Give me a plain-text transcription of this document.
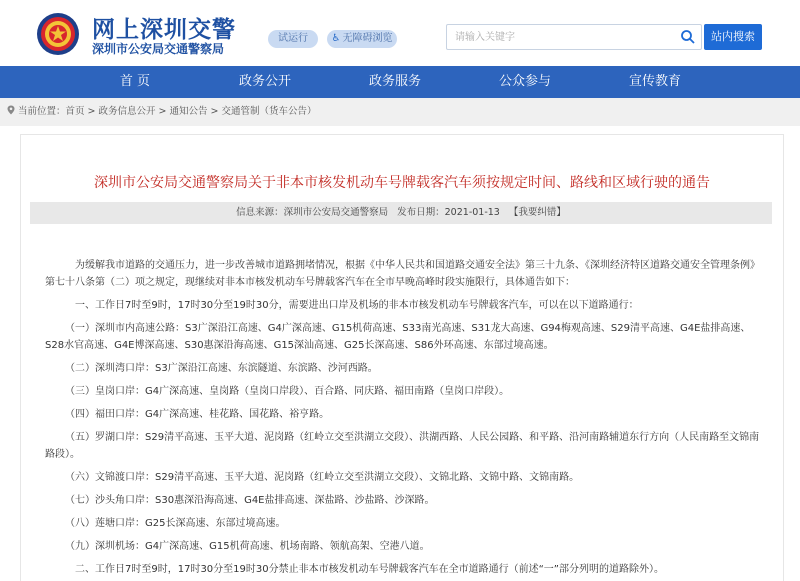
网上深圳交警
深圳市公安局交通警察局
试运行	♿ 无障碍浏览
请输入关键字	站内搜索
首 页	政务公开	政务服务	公众参与	宣传教育
当前位置：首页 > 政务信息公开 > 通知公告 > 交通管制（货车公告）
深圳市公安局交通警察局关于非本市核发机动车号牌载客汽车须按规定时间、路线和区域行驶的通告
信息来源：深圳市公安局交通警察局 发布日期：2021-01-13 【我要纠错】

为缓解我市道路的交通压力，进一步改善城市道路拥堵情况，根据《中华人民共和国道路交通安全法》第三十九条、《深圳经济特区道路交通安全管理条例》第七十八条第（二）项之规定，现继续对非本市核发机动车号牌载客汽车在全市早晚高峰时段实施限行，具体通告如下：

一、工作日7时至9时，17时30分至19时30分，需要进出口岸及机场的非本市核发机动车号牌载客汽车，可以在以下道路通行：

（一）深圳市内高速公路：S3广深沿江高速、G4广深高速、G15机荷高速、S33南光高速、S31龙大高速、G94梅观高速、S29清平高速、G4E盐排高速、S28水官高速、G4E博深高速、S30惠深沿海高速、G15深汕高速、G25长深高速、S86外环高速、东部过境高速。

（二）深圳湾口岸：S3广深沿江高速、东滨隧道、东滨路、沙河西路。

（三）皇岗口岸：G4广深高速、皇岗路（皇岗口岸段）、百合路、同庆路、福田南路（皇岗口岸段）。

（四）福田口岸：G4广深高速、桂花路、国花路、裕亨路。

（五）罗湖口岸：S29清平高速、玉平大道、泥岗路（红岭立交至洪湖立交段）、洪湖西路、人民公园路、和平路、沿河南路辅道东行方向（人民南路至文锦南路段）。

（六）文锦渡口岸：S29清平高速、玉平大道、泥岗路（红岭立交至洪湖立交段）、文锦北路、文锦中路、文锦南路。

（七）沙头角口岸：S30惠深沿海高速、G4E盐排高速、深盐路、沙盐路、沙深路。

（八）莲塘口岸：G25长深高速、东部过境高速。

（九）深圳机场：G4广深高速、G15机荷高速、机场南路、领航高架、空港八道。

二、工作日7时至9时，17时30分至19时30分禁止非本市核发机动车号牌载客汽车在全市道路通行（前述“一”部分列明的道路除外）。
